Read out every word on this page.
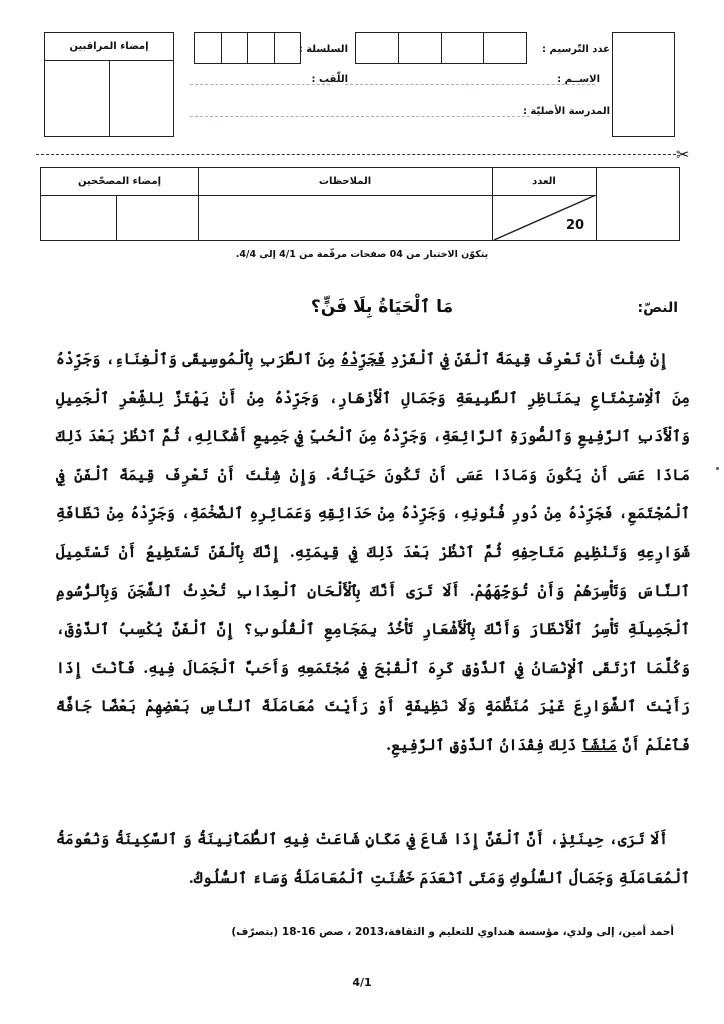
عدد التّرسيم :
السلسلة :
الاســم :
اللّقب :
المدرسة الأصليّة :
إمضاء المراقبين
✂
العدد
الملاحظات
إمضاء المصحّحين
20
يتكوّن الاختبار من 04 صفحات مرقّمة من 4/1 إلى 4/4.
النصّ:
مَا ٱلْحَيَاةُ بِلَا فَنٍّ؟
إِنْ شِئْتَ أَنْ تَعْرِفَ قِيمَةَ ٱلْفَنِّ فِي ٱلْفَرْدِ فَجَرِّدْهُ مِنَ ٱلطَّرَبِ بِٱلْمُوسِيقَى وَٱلْغِنَاءِ، وَجَرِّدْهُ مِنَ ٱلْاِسْتِمْتَاعِ بِمَنَاظِرِ ٱلطَّبِيعَةِ وَجَمَالِ ٱلْأَزْهَارِ، وَجَرِّدْهُ مِنْ أَنْ يَهْتَزَّ لِلشِّعْرِ ٱلْجَمِيلِ وَٱلْأَدَبِ ٱلرَّفِيعِ وَٱلصُّورَةِ ٱلرَّائِعَةِ، وَجَرِّدْهُ مِنَ ٱلْحُبِّ فِي جَمِيعِ أَشْكَالِهِ، ثُمَّ ٱنْظُرْ بَعْدَ ذَلِكَ مَاذَا عَسَى أَنْ يَكُونَ وَمَاذَا عَسَى أَنْ تَكُونَ حَيَاتُهُ. وَإِنْ شِئْتَ أَنْ تَعْرِفَ قِيمَةَ ٱلْفَنِّ فِي ٱلْمُجْتَمَعِ، فَجَرِّدْهُ مِنْ دُورِ فُنُونِهِ، وَجَرِّدْهُ مِنْ حَدَائِقِهِ وَعَمَائِرِهِ ٱلضَّخْمَةِ، وَجَرِّدْهُ مِنْ نَظَافَةِ شَوَارِعِهِ وَتَنْظِيمِ مَتَاحِفِهِ ثُمَّ ٱنْظُرْ بَعْدَ ذَلِكَ فِي قِيمَتِهِ. إِنَّكَ بِٱلْفَنِّ تَسْتَطِيعُ أَنْ تَسْتَمِيلَ ٱلنَّاسَ وَتَأْسِرَهُمْ وَأَنْ تُوَجِّهَهُمْ. أَلَا تَرَى أَنَّكَ بِٱلْأَلْحَانِ ٱلْعِذَابِ تُحْدِثُ ٱلشَّجَنَ وَبِٱلرُّسُومِ ٱلْجَمِيلَةِ تَأْسِرُ ٱلْأَنْظَارَ وَأَنَّكَ بِٱلْأَشْعَارِ تَأْخُذُ بِمَجَامِعِ ٱلْقُلُوبِ؟ إِنَّ ٱلْفَنَّ يُكْسِبُ ٱلذَّوْقَ، وَكُلَّمَا ٱرْتَقَى ٱلْإِنْسَانُ فِي ٱلذَّوْقِ كَرِهَ ٱلْقُبْحَ فِي مُجْتَمَعِهِ وَأَحَبَّ ٱلْجَمَالَ فِيهِ. فَأَنْتَ إِذَا رَأَيْتَ ٱلشَّوَارِعَ غَيْرَ مُنَظَّمَةٍ وَلَا نَظِيفَةٍ أَوْ رَأَيْتَ مُعَامَلَةَ ٱلنَّاسِ بَعْضِهِمْ بَعْضًا جَافَّةً فَٱعْلَمْ أَنَّ مَنْشَأَ ذَلِكَ فِقْدَانُ ٱلذَّوْقِ ٱلرَّفِيعِ.
أَلَا تَرَى، حِينَئِذٍ، أَنَّ ٱلْفَنَّ إِذَا شَاعَ فِي مَكَانٍ شَاعَتْ فِيهِ ٱلطُّمَأْنِينَةُ وَ ٱلسَّكِينَةُ وَنُعُومَةُ ٱلْمُعَامَلَةِ وَجَمَالُ ٱلسُّلُوكِ وَمَتَى ٱنْعَدَمَ خَشُنَتِ ٱلْمُعَامَلَةُ وَسَاءَ ٱلسُّلُوكُ.
أحمد أمين، إلى ولدي، مؤسسة هنداوي للتعليم و الثقافة،2013 ، صص 16-18 (بتصرّف)
4/1
